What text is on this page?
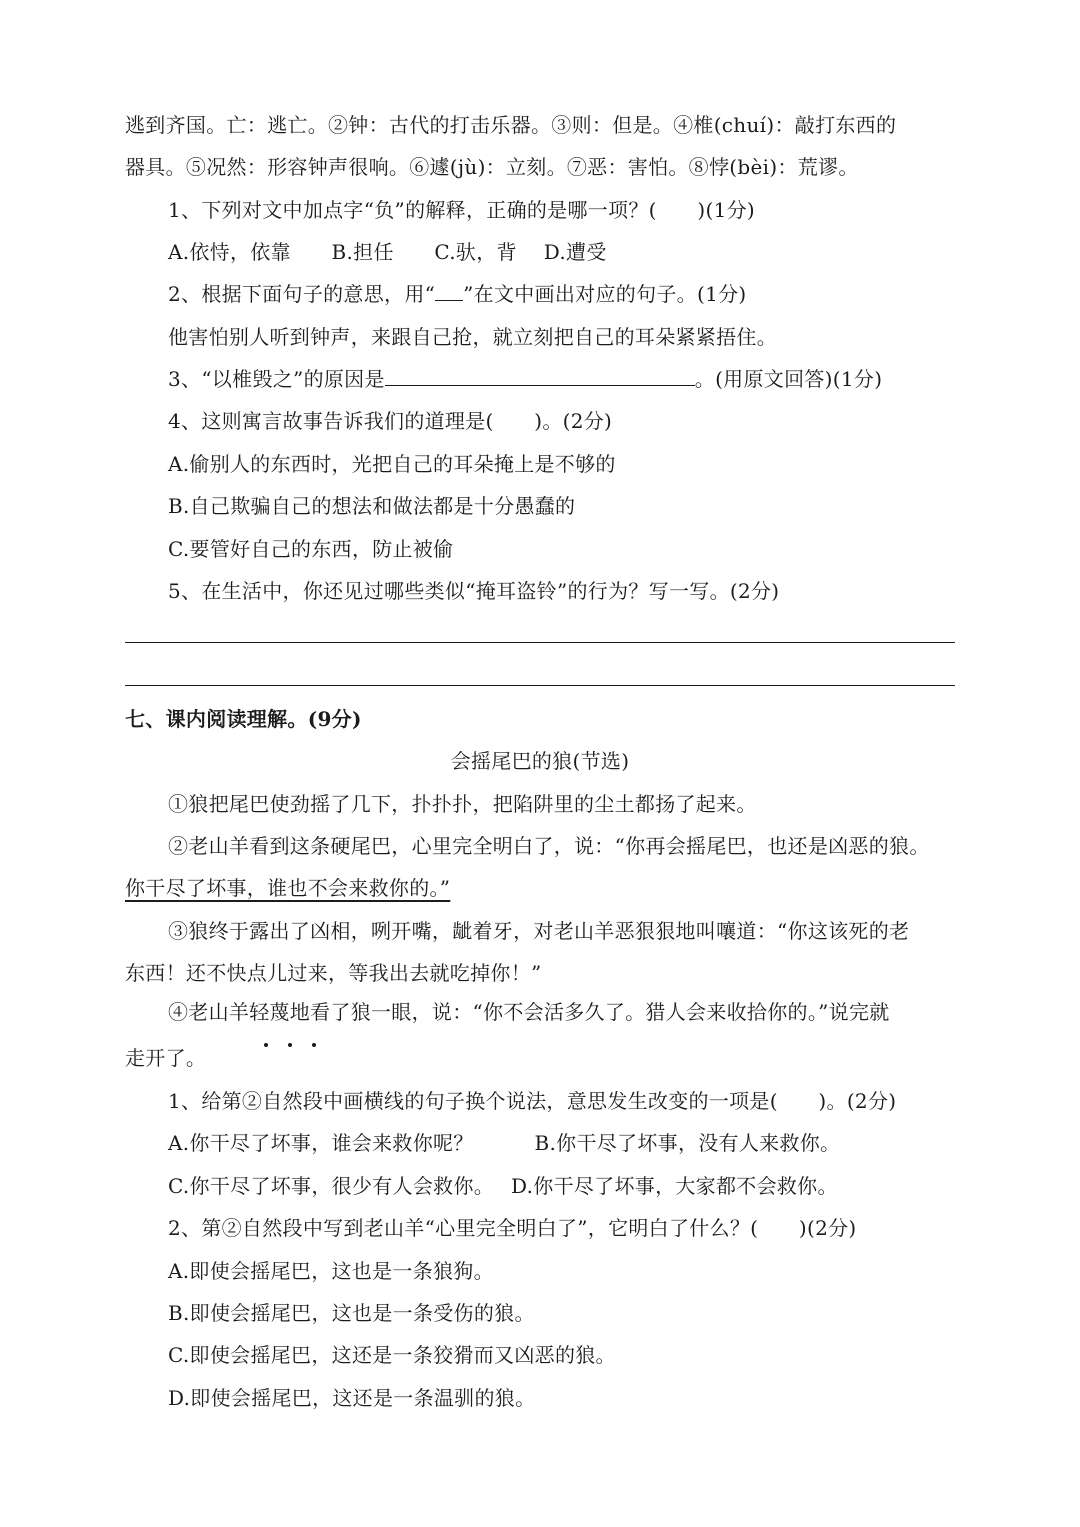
逃到齐国。亡：逃亡。②钟：古代的打击乐器。③则：但是。④椎(chuí)：敲打东西的
器具。⑤况然：形容钟声很响。⑥遽(jù)：立刻。⑦恶：害怕。⑧悖(bèi)：荒谬。
1、下列对文中加点字“负”的解释，正确的是哪一项？(　　)(1分)
A.依恃，依靠　　B.担任　　C.驮，背　 D.遭受
2、根据下面句子的意思，用“ ”在文中画出对应的句子。(1分)
他害怕别人听到钟声，来跟自己抢，就立刻把自己的耳朵紧紧捂住。
3、“以椎毁之”的原因是	。(用原文回答)(1分)
4、这则寓言故事告诉我们的道理是(　　)。(2分)
A.偷别人的东西时，光把自己的耳朵掩上是不够的
B.自己欺骗自己的想法和做法都是十分愚蠢的
C.要管好自己的东西，防止被偷
5、在生活中，你还见过哪些类似“掩耳盗铃”的行为？写一写。(2分)
七、课内阅读理解。(9分)
会摇尾巴的狼(节选)
①狼把尾巴使劲摇了几下，扑扑扑，把陷阱里的尘土都扬了起来。
②老山羊看到这条硬尾巴，心里完全明白了，说：“你再会摇尾巴，也还是凶恶的狼。
你干尽了坏事，谁也不会来救你的。”
③狼终于露出了凶相，咧开嘴，龇着牙，对老山羊恶狠狠地叫嚷道：“你这该死的老
东西！还不快点儿过来，等我出去就吃掉你！”
④老山羊轻蔑地看了狼一眼，说：“你不会活多久了。猎人会来收拾你的。”说完就
走开了。
1、给第②自然段中画横线的句子换个说法，意思发生改变的一项是(　　)。(2分)
A.你干尽了坏事，谁会来救你呢？　　　B.你干尽了坏事，没有人来救你。
C.你干尽了坏事，很少有人会救你。　 D.你干尽了坏事，大家都不会救你。
2、第②自然段中写到老山羊“心里完全明白了”，它明白了什么？(　　)(2分)
A.即使会摇尾巴，这也是一条狼狗。
B.即使会摇尾巴，这也是一条受伤的狼。
C.即使会摇尾巴，这还是一条狡猾而又凶恶的狼。
D.即使会摇尾巴，这还是一条温驯的狼。
